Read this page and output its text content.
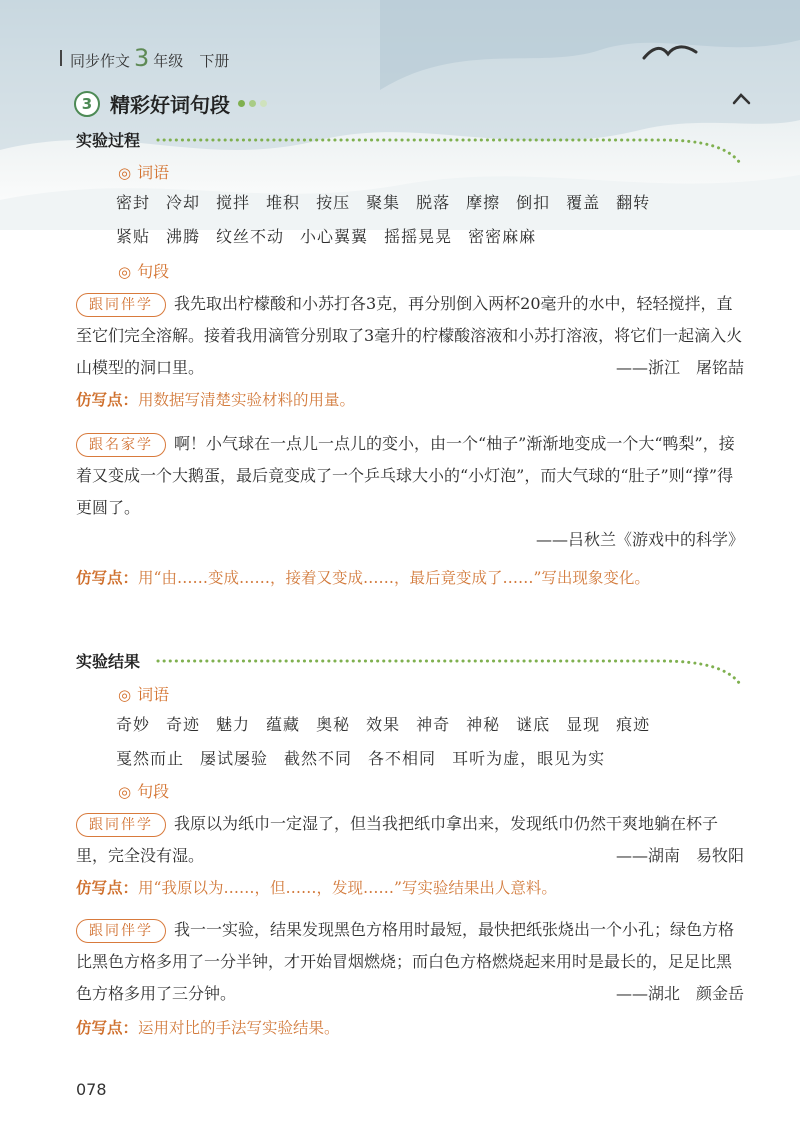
同步作文 3 年级 下册
3 精彩好词句段
实验过程
◎ 词语
密封 冷却 搅拌 堆积 按压 聚集 脱落 摩擦 倒扣 覆盖 翻转
紧贴 沸腾 纹丝不动 小心翼翼 摇摇晃晃 密密麻麻
◎ 句段
跟同伴学 我先取出柠檬酸和小苏打各3克，再分别倒入两杯20毫升的水中，轻轻搅拌，直至它们完全溶解。接着我用滴管分别取了3毫升的柠檬酸溶液和小苏打溶液，将它们一起滴入火山模型的洞口里。	——浙江　屠铭喆
仿写点：用数据写清楚实验材料的用量。
跟名家学 啊！小气球在一点儿一点儿的变小，由一个“柚子”渐渐地变成一个大“鸭梨”，接着又变成一个大鹅蛋，最后竟变成了一个乒乓球大小的“小灯泡”，而大气球的“肚子”则“撑”得更圆了。
——吕秋兰《游戏中的科学》
仿写点：用“由……变成……，接着又变成……，最后竟变成了……”写出现象变化。
实验结果
◎ 词语
奇妙 奇迹 魅力 蕴藏 奥秘 效果 神奇 神秘 谜底 显现 痕迹
戛然而止 屡试屡验 截然不同 各不相同 耳听为虚，眼见为实
◎ 句段
跟同伴学 我原以为纸巾一定湿了，但当我把纸巾拿出来，发现纸巾仍然干爽地躺在杯子里，完全没有湿。	——湖南　易牧阳
仿写点：用“我原以为……，但……，发现……”写实验结果出人意料。
跟同伴学 我一一实验，结果发现黑色方格用时最短，最快把纸张烧出一个小孔；绿色方格比黑色方格多用了一分半钟，才开始冒烟燃烧；而白色方格燃烧起来用时是最长的，足足比黑色方格多用了三分钟。	——湖北　颜金岳
仿写点：运用对比的手法写实验结果。
078
